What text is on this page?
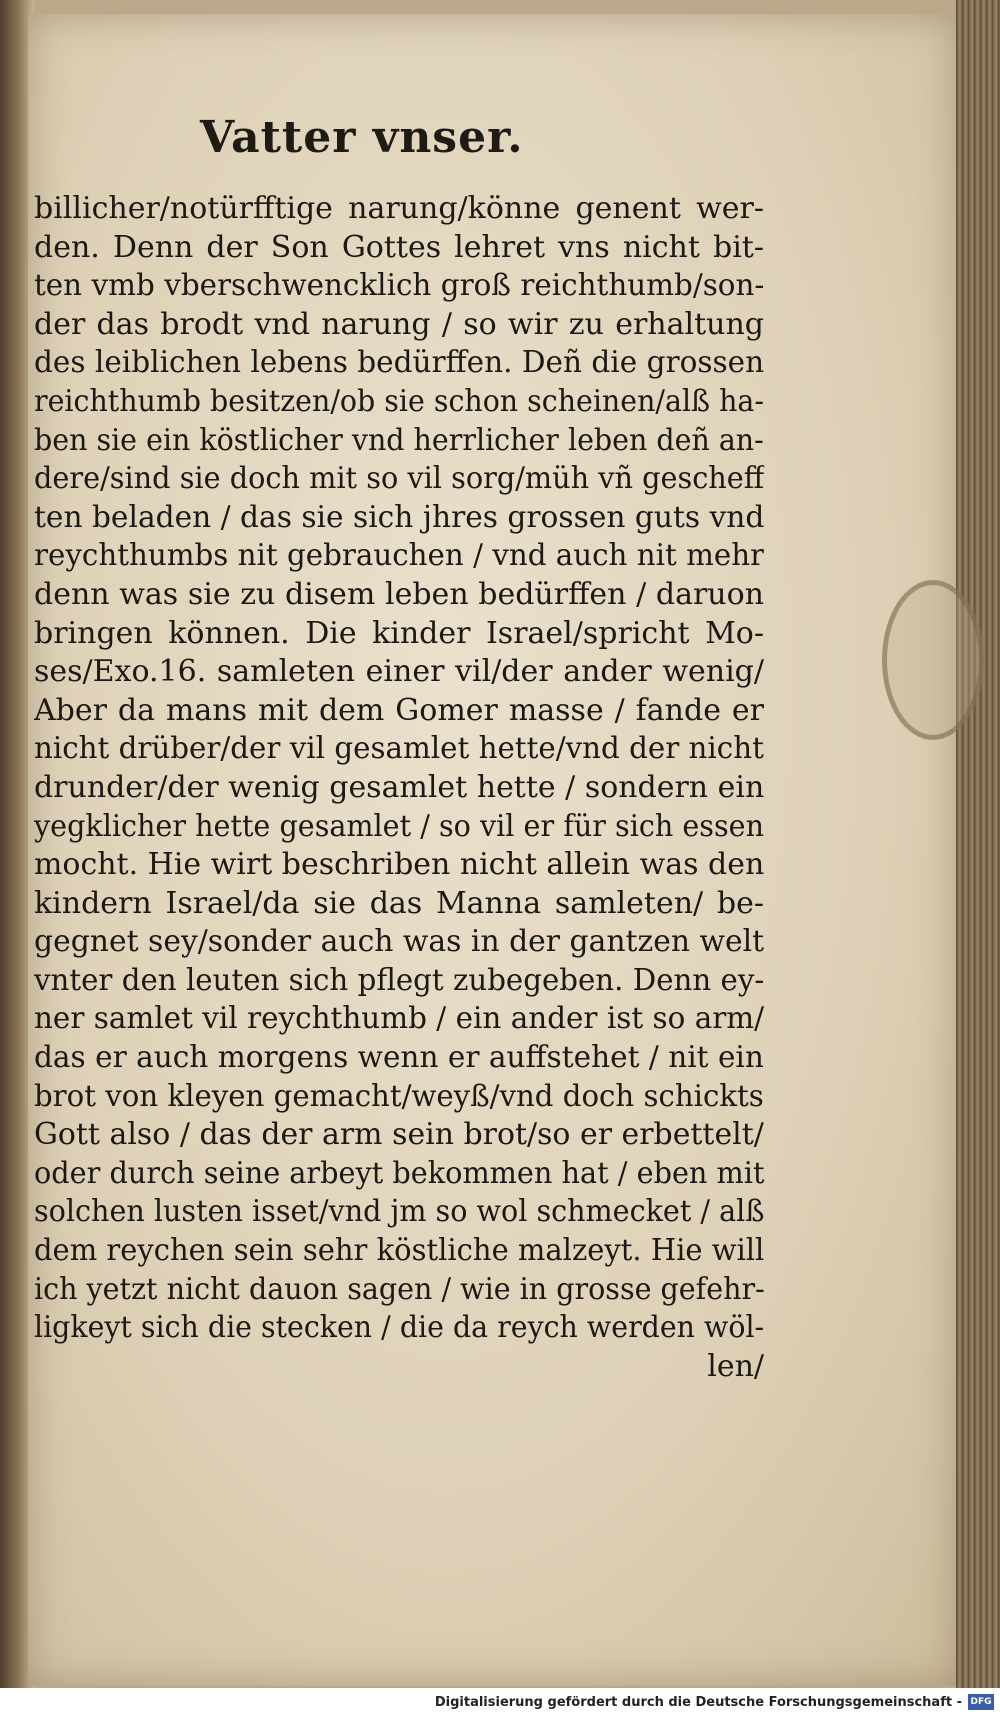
Vatter vnser.
billicher/notürfftige narung/könne genent wer-
den. Denn der Son Gottes lehret vns nicht bit-
ten vmb vberschwencklich groß reichthumb/son-
der das brodt vnd narung / so wir zu erhaltung
des leiblichen lebens bedürffen. Deñ die grossen
reichthumb besitzen/ob sie schon scheinen/alß ha-
ben sie ein köstlicher vnd herrlicher leben deñ an-
dere/sind sie doch mit so vil sorg/müh vñ gescheff
ten beladen / das sie sich jhres grossen guts vnd
reychthumbs nit gebrauchen / vnd auch nit mehr
denn was sie zu disem leben bedürffen / daruon
bringen können. Die kinder Israel/spricht Mo-
ses/Exo.16. samleten einer vil/der ander wenig/
Aber da mans mit dem Gomer masse / fande er
nicht drüber/der vil gesamlet hette/vnd der nicht
drunder/der wenig gesamlet hette / sondern ein
yegklicher hette gesamlet / so vil er für sich essen
mocht. Hie wirt beschriben nicht allein was den
kindern Israel/da sie das Manna samleten/ be-
gegnet sey/sonder auch was in der gantzen welt
vnter den leuten sich pflegt zubegeben. Denn ey-
ner samlet vil reychthumb / ein ander ist so arm/
das er auch morgens wenn er auffstehet / nit ein
brot von kleyen gemacht/weyß/vnd doch schickts
Gott also / das der arm sein brot/so er erbettelt/
oder durch seine arbeyt bekommen hat / eben mit
solchen lusten isset/vnd jm so wol schmecket / alß
dem reychen sein sehr köstliche malzeyt. Hie will
ich yetzt nicht dauon sagen / wie in grosse gefehr-
ligkeyt sich die stecken / die da reych werden wöl-
len/

Digitalisierung gefördert durch die Deutsche Forschungsgemeinschaft - DFG
